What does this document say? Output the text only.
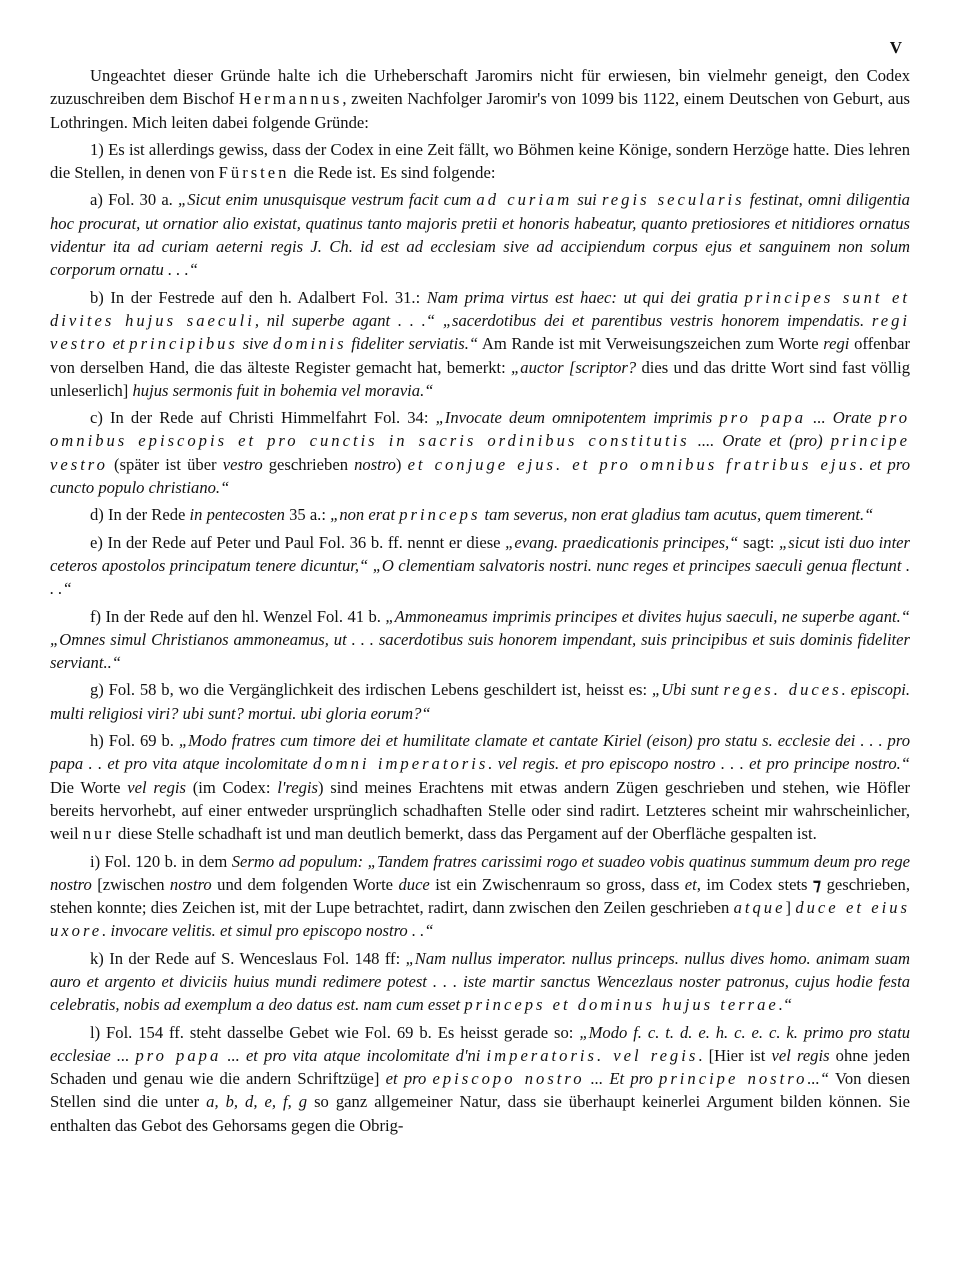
V

Ungeachtet dieser Gründe halte ich die Urheberschaft Jaromirs nicht für erwiesen, bin vielmehr geneigt, den Codex zuzuschreiben dem Bischof Hermannus, zweiten Nachfolger Jaromir's von 1099 bis 1122, einem Deutschen von Geburt, aus Lothringen. Mich leiten dabei folgende Gründe:

1) Es ist allerdings gewiss, dass der Codex in eine Zeit fällt, wo Böhmen keine Könige, sondern Herzöge hatte. Dies lehren die Stellen, in denen von Fürsten die Rede ist. Es sind folgende:

a) Fol. 30 a. „Sicut enim unusquisque vestrum facit cum ad curiam sui regis secularis festinat, omni diligentia hoc procurat, ut ornatior alio existat, quatinus tanto majoris pretii et honoris habeatur, quanto pretiosiores et nitidiores ornatus videntur ita ad curiam aeterni regis J. Ch. id est ad ecclesiam sive ad accipiendum corpus ejus et sanguinem non solum corporum ornatu . . .“

b) In der Festrede auf den h. Adalbert Fol. 31.: Nam prima virtus est haec: ut qui dei gratia principes sunt et divites hujus saeculi, nil superbe agant . . .“ „sacerdotibus dei et parentibus vestris honorem impendatis. regi vestro et principibus sive dominis fideliter serviatis.“ Am Rande ist mit Verweisungszeichen zum Worte regi offenbar von derselben Hand, die das älteste Register gemacht hat, bemerkt: „auctor [scriptor? dies und das dritte Wort sind fast völlig unleserlich] hujus sermonis fuit in bohemia vel moravia.“

c) In der Rede auf Christi Himmelfahrt Fol. 34: „Invocate deum omnipotentem imprimis pro papa ... Orate pro omnibus episcopis et pro cunctis in sacris ordinibus constitutis .... Orate et (pro) principe vestro (später ist über vestro geschrieben nostro) et conjuge ejus. et pro omnibus fratribus ejus. et pro cuncto populo christiano.“

d) In der Rede in pentecosten 35 a.: „non erat princeps tam severus, non erat gladius tam acutus, quem timerent.“

e) In der Rede auf Peter und Paul Fol. 36 b. ff. nennt er diese „evang. praedicationis principes,“ sagt: „sicut isti duo inter ceteros apostolos principatum tenere dicuntur,“ „O clementiam salvatoris nostri. nunc reges et principes saeculi genua flectunt . . .“

f) In der Rede auf den hl. Wenzel Fol. 41 b. „Ammoneamus imprimis principes et divites hujus saeculi, ne superbe agant.“ „Omnes simul Christianos ammoneamus, ut . . . sacerdotibus suis honorem impendant, suis principibus et suis dominis fideliter serviant..“

g) Fol. 58 b, wo die Vergänglichkeit des irdischen Lebens geschildert ist, heisst es: „Ubi sunt reges. duces. episcopi. multi religiosi viri? ubi sunt? mortui. ubi gloria eorum?“

h) Fol. 69 b. „Modo fratres cum timore dei et humilitate clamate et cantate Kiriel (eison) pro statu s. ecclesie dei . . . pro papa . . et pro vita atque incolomitate domni imperatoris. vel regis. et pro episcopo nostro . . . et pro principe nostro.“ Die Worte vel regis (im Codex: l'regis) sind meines Erachtens mit etwas andern Zügen geschrieben und stehen, wie Höfler bereits hervorhebt, auf einer entweder ursprünglich schadhaften Stelle oder sind radirt. Letzteres scheint mir wahrscheinlicher, weil nur diese Stelle schadhaft ist und man deutlich bemerkt, dass das Pergament auf der Oberfläche gespalten ist.

i) Fol. 120 b. in dem Sermo ad populum: „Tandem fratres carissimi rogo et suadeo vobis quatinus summum deum pro rege nostro [zwischen nostro und dem folgenden Worte duce ist ein Zwischenraum so gross, dass et, im Codex stets ⁊ geschrieben, stehen konnte; dies Zeichen ist, mit der Lupe betrachtet, radirt, dann zwischen den Zeilen geschrieben atque] duce et eius uxore. invocare velitis. et simul pro episcopo nostro . .“

k) In der Rede auf S. Wenceslaus Fol. 148 ff: „Nam nullus imperator. nullus princeps. nullus dives homo. animam suam auro et argento et diviciis huius mundi redimere potest . . . iste martir sanctus Wencezlaus noster patronus, cujus hodie festa celebratis, nobis ad exemplum a deo datus est. nam cum esset princeps et dominus hujus terrae.“

l) Fol. 154 ff. steht dasselbe Gebet wie Fol. 69 b. Es heisst gerade so: „Modo f. c. t. d. e. h. c. e. c. k. primo pro statu ecclesiae ... pro papa ... et pro vita atque incolomitate d'ni imperatoris. vel regis. [Hier ist vel regis ohne jeden Schaden und genau wie die andern Schriftzüge] et pro episcopo nostro ... Et pro principe nostro...“ Von diesen Stellen sind die unter a, b, d, e, f, g so ganz allgemeiner Natur, dass sie überhaupt keinerlei Argument bilden können. Sie enthalten das Gebot des Gehorsams gegen die Obrig-
